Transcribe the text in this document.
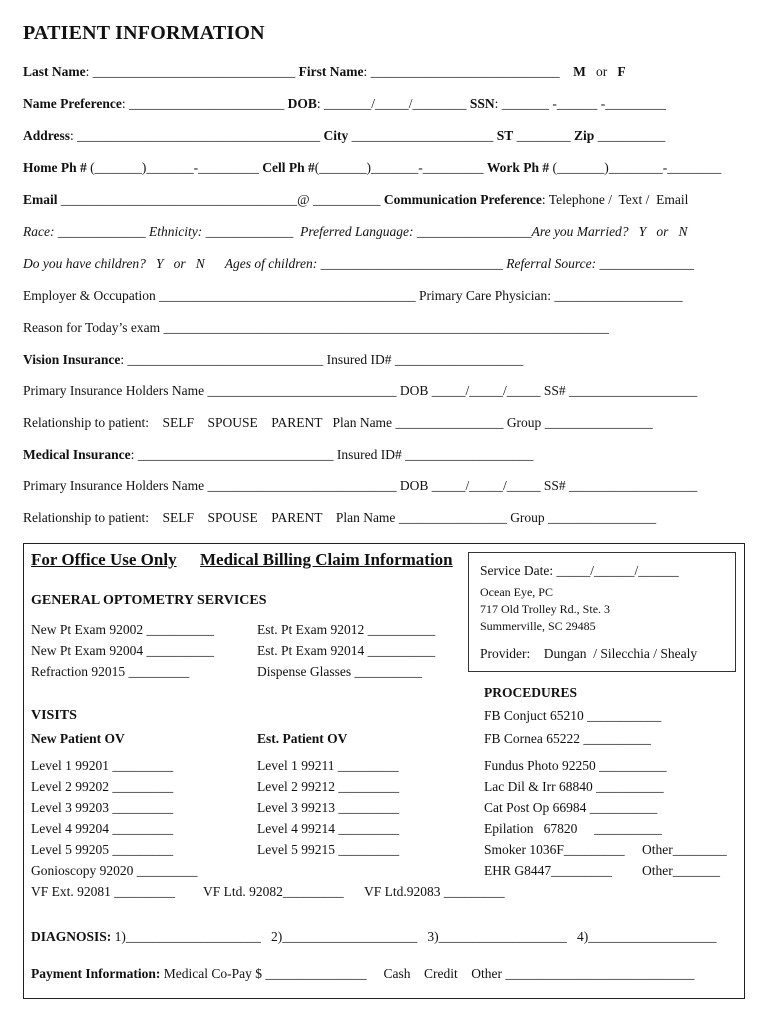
PATIENT INFORMATION
Last Name: ______________________________ First Name: ____________________________ M or F
Name Preference: _______________________ DOB: _______/_____/________ SSN: _______ -______ -_________
Address: ____________________________________ City _____________________ ST ________ Zip __________
Home Ph # (_______)_______-_________ Cell Ph #(_______)_______-_________ Work Ph # (_______)________-________
Email ___________________________________@ __________ Communication Preference: Telephone /  Text /  Email
Race: _____________ Ethnicity: _____________ Preferred Language: _________________Are you Married? Y or N
Do you have children? Y or N Ages of children: ___________________________ Referral Source: ______________
Employer & Occupation ______________________________________ Primary Care Physician: ___________________
Reason for Today’s exam __________________________________________________________________
Vision Insurance: _____________________________ Insured ID# ___________________
Primary Insurance Holders Name ____________________________ DOB _____/_____/_____ SS# ___________________
Relationship to patient: SELF SPOUSE PARENT Plan Name ________________ Group ________________
Medical Insurance: _____________________________ Insured ID# ___________________
Primary Insurance Holders Name ____________________________ DOB _____/_____/_____ SS# ___________________
Relationship to patient: SELF SPOUSE PARENT Plan Name ________________ Group ________________
For Office Use Only Medical Billing Claim Information
Service Date: _____/______/______
Ocean Eye, PC
717 Old Trolley Rd., Ste. 3
Summerville, SC 29485
Provider:    Dungan  / Silecchia / Shealy
GENERAL OPTOMETRY SERVICES
New Pt Exam 92002 __________
New Pt Exam 92004 __________
Refraction 92015 _________
Est. Pt Exam 92012 __________
Est. Pt Exam 92014 __________
Dispense Glasses __________
PROCEDURES
FB Conjuct 65210 ___________
FB Cornea 65222 __________
VISITS
New Patient OV	Est. Patient OV
Level 1 99201 _________
Level 2 99202 _________
Level 3 99203 _________
Level 4 99204 _________
Level 5 99205 _________
Level 1 99211 _________
Level 2 99212 _________
Level 3 99213 _________
Level 4 99214 _________
Level 5 99215 _________
Fundus Photo 92250 __________
Lac Dil & Irr 68840 __________
Cat Post Op 66984 __________
Epilation   67820     __________
Smoker 1036F_________ Other________
EHR G8447_________ Other_______
Gonioscopy 92020 _________
VF Ext. 92081 _________ VF Ltd. 92082_________ VF Ltd.92083 _________
DIAGNOSIS: 1)____________________   2)____________________   3)___________________   4)___________________
Payment Information: Medical Co-Pay $ _______________     Cash    Credit    Other ____________________________
